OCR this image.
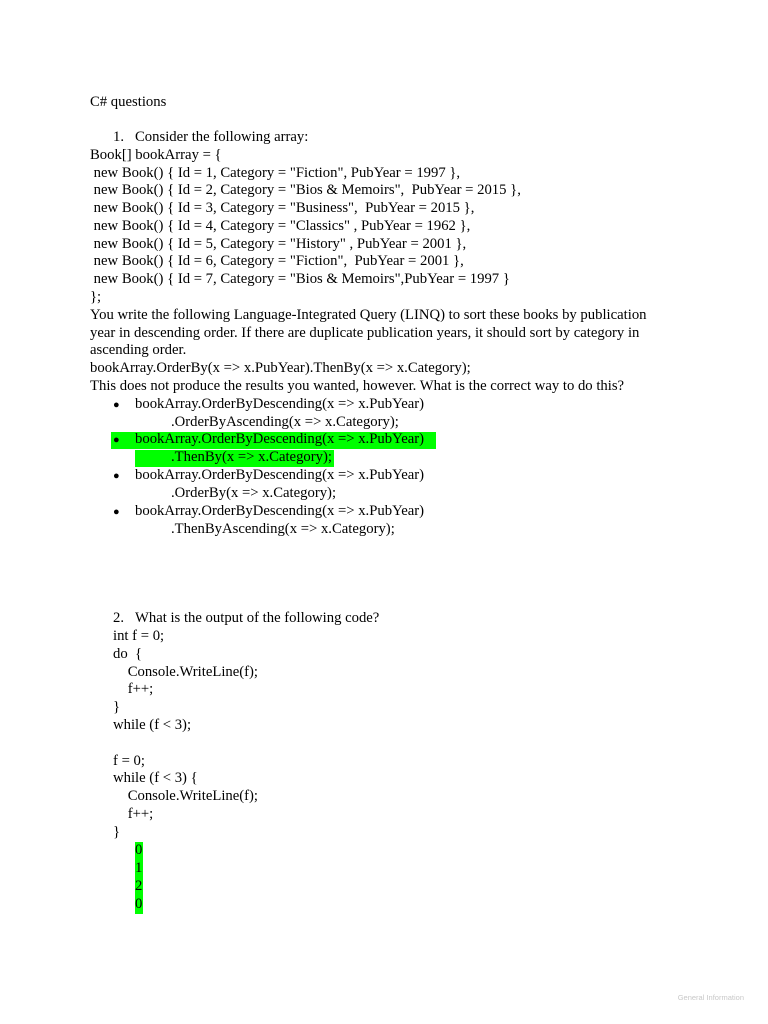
C# questions
1. Consider the following array:
Book[] bookArray = {
new Book() { Id = 1, Category = "Fiction", PubYear = 1997 },
new Book() { Id = 2, Category = "Bios & Memoirs",  PubYear = 2015 },
new Book() { Id = 3, Category = "Business",  PubYear = 2015 },
new Book() { Id = 4, Category = "Classics" , PubYear = 1962 },
new Book() { Id = 5, Category = "History" , PubYear = 2001 },
new Book() { Id = 6, Category = "Fiction",  PubYear = 2001 },
new Book() { Id = 7, Category = "Bios & Memoirs",PubYear = 1997 }
};
You write the following Language-Integrated Query (LINQ) to sort these books by publication
year in descending order. If there are duplicate publication years, it should sort by category in
ascending order.
bookArray.OrderBy(x => x.PubYear).ThenBy(x => x.Category);
This does not produce the results you wanted, however. What is the correct way to do this?
● bookArray.OrderByDescending(x => x.PubYear)
.OrderByAscending(x => x.Category);
● bookArray.OrderByDescending(x => x.PubYear)
.ThenBy(x => x.Category);
● bookArray.OrderByDescending(x => x.PubYear)
.OrderBy(x => x.Category);
● bookArray.OrderByDescending(x => x.PubYear)
.ThenByAscending(x => x.Category);
2. What is the output of the following code?
int f = 0;
do  {
Console.WriteLine(f);
f++;
}
while (f < 3);
f = 0;
while (f < 3) {
Console.WriteLine(f);
f++;
}
0
1
2
0
General Information
